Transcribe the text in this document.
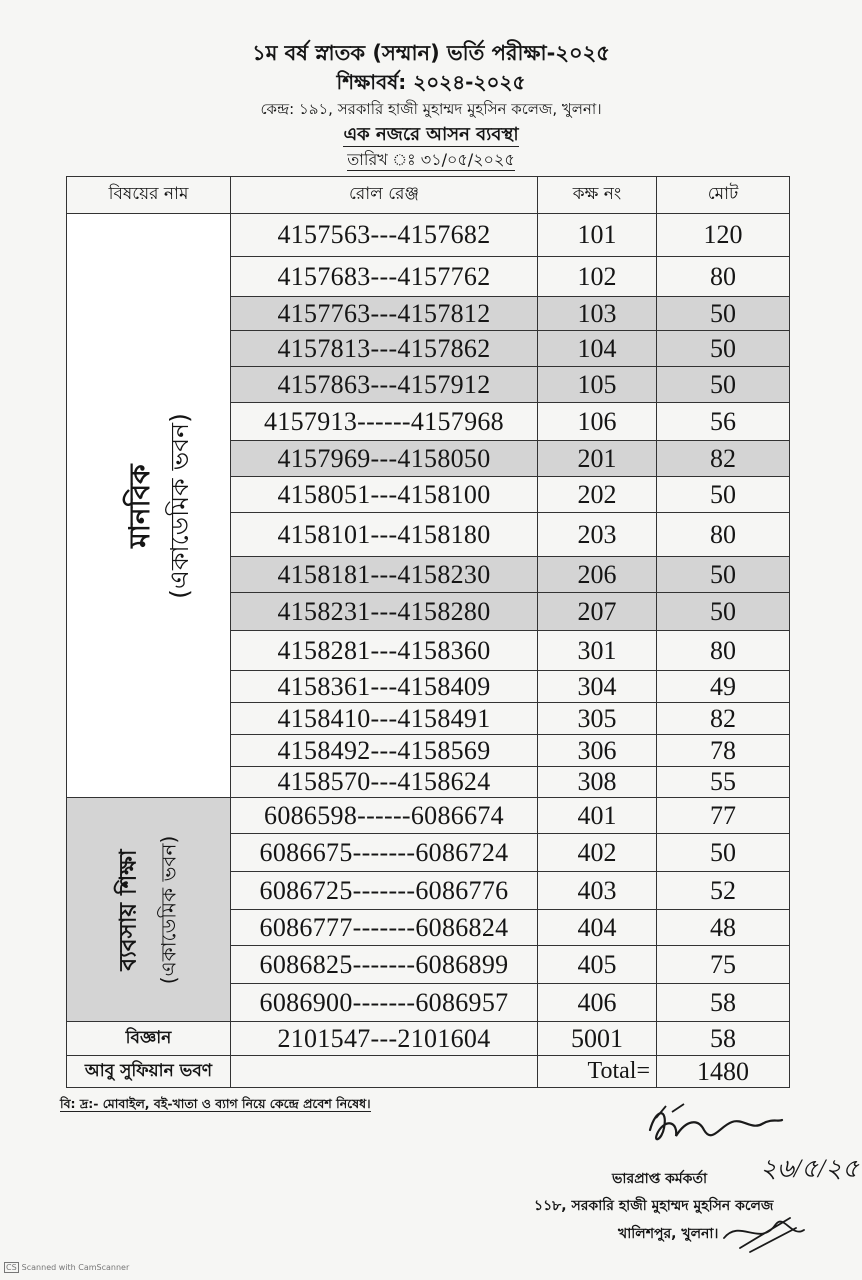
১ম বর্ষ স্নাতক (সম্মান) ভর্তি পরীক্ষা-২০২৫
শিক্ষাবর্ষ: ২০২৪-২০২৫
কেন্দ্র: ১৯১, সরকারি হাজী মুহাম্মদ মুহসিন কলেজ, খুলনা।
এক নজরে আসন ব্যবস্থা
তারিখ ঃ ৩১/০৫/২০২৫
বিষয়ের নাম	রোল রেঞ্জ	কক্ষ নং	মোট

মানবিক (একাডেমিক ভবন)	4157563---4157682	101	120
	4157683---4157762	102	80
	4157763---4157812	103	50
	4157813---4157862	104	50
	4157863---4157912	105	50
	4157913------4157968	106	56
	4157969---4158050	201	82
	4158051---4158100	202	50
	4158101---4158180	203	80
	4158181---4158230	206	50
	4158231---4158280	207	50
	4158281---4158360	301	80
	4158361---4158409	304	49
	4158410---4158491	305	82
	4158492---4158569	306	78
	4158570---4158624	308	55

ব্যবসায় শিক্ষা (একাডেমিক ভবন)	6086598------6086674	401	77
	6086675-------6086724	402	50
	6086725-------6086776	403	52
	6086777-------6086824	404	48
	6086825-------6086899	405	75
	6086900-------6086957	406	58
বিজ্ঞান	2101547---2101604	5001	58
আবু সুফিয়ান ভবণ		Total=	1480
বি: দ্র:- মোবাইল, বই-খাতা ও ব্যাগ নিয়ে কেন্দ্রে প্রবেশ নিষেধ।
২৬/৫/২৫
ভারপ্রাপ্ত কর্মকর্তা
১১৮, সরকারি হাজী মুহাম্মদ মুহসিন কলেজ
খালিশপুর, খুলনা।
CS Scanned with CamScanner
